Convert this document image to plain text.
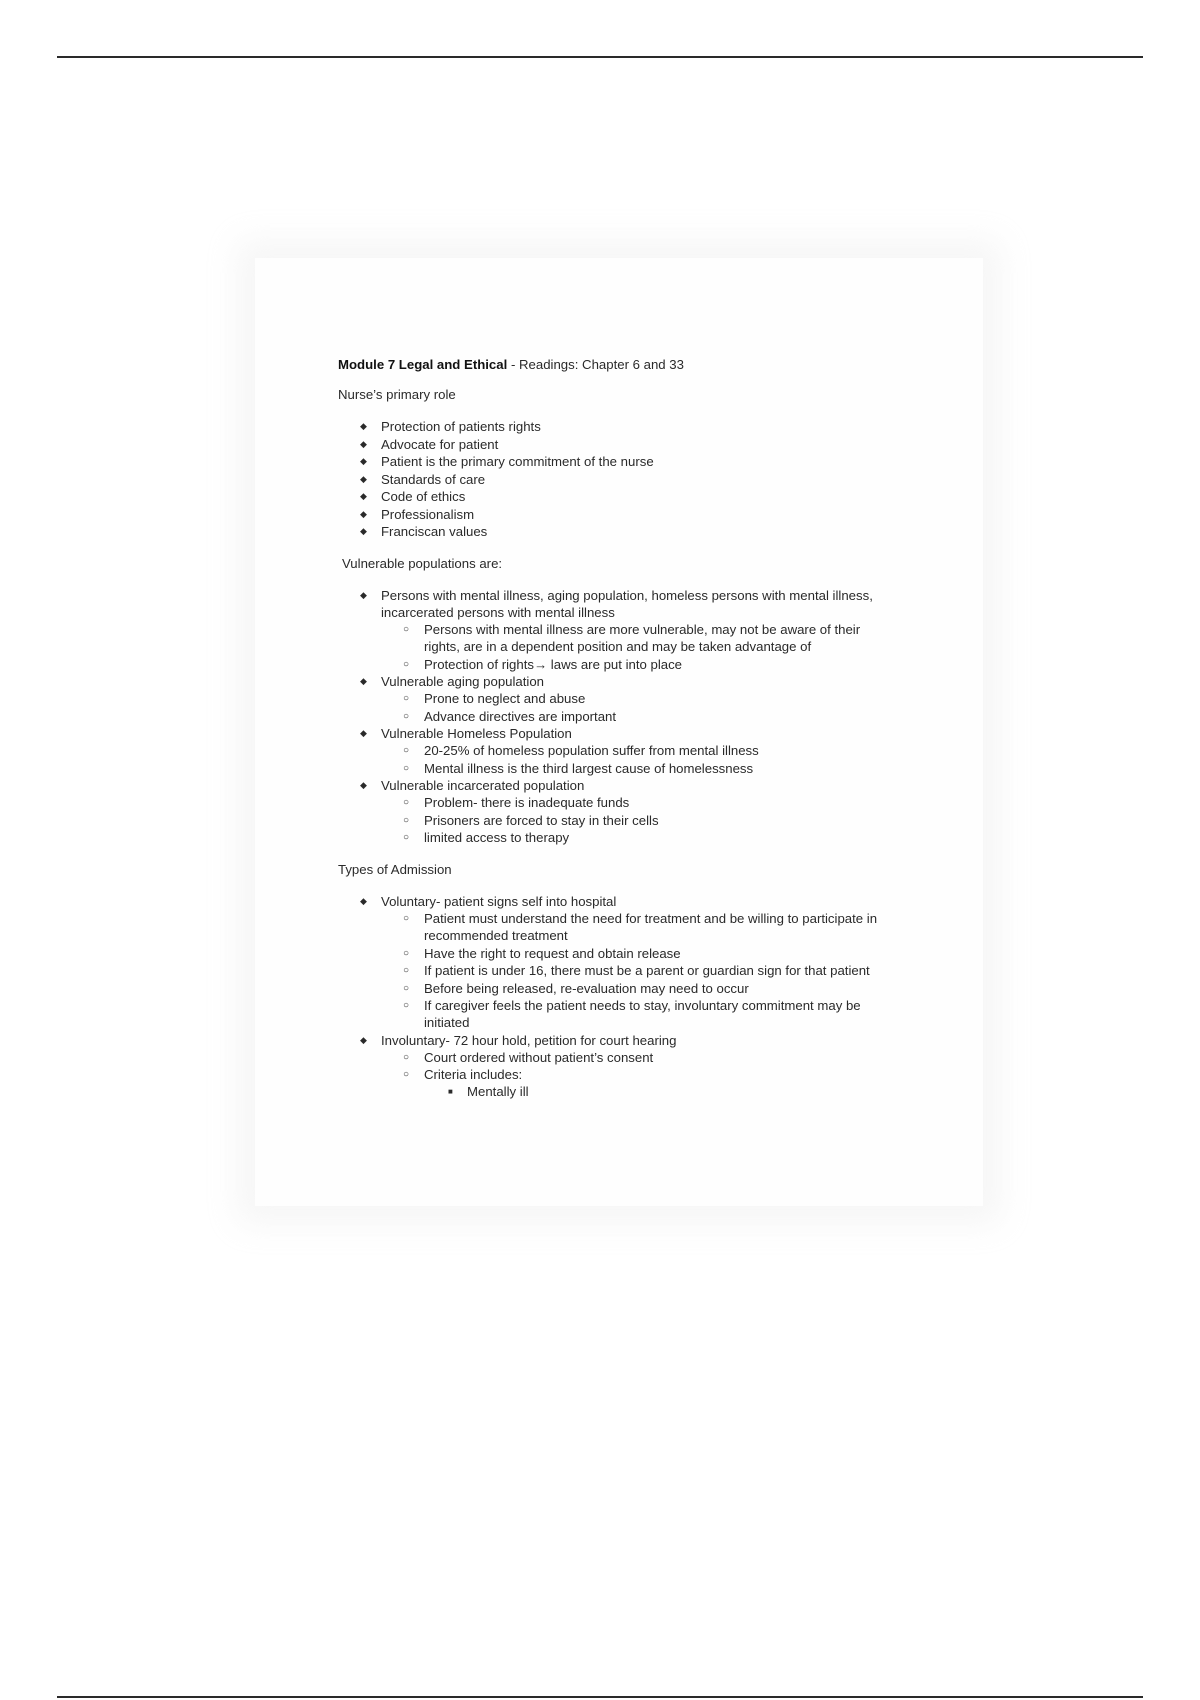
Module 7 Legal and Ethical - Readings: Chapter 6 and 33

Nurse’s primary role

◆ Protection of patients rights
◆ Advocate for patient
◆ Patient is the primary commitment of the nurse
◆ Standards of care
◆ Code of ethics
◆ Professionalism
◆ Franciscan values

Vulnerable populations are:

◆ Persons with mental illness, aging population, homeless persons with mental illness, incarcerated persons with mental illness
○ Persons with mental illness are more vulnerable, may not be aware of their rights, are in a dependent position and may be taken advantage of
○ Protection of rights→ laws are put into place
◆ Vulnerable aging population
○ Prone to neglect and abuse
○ Advance directives are important
◆ Vulnerable Homeless Population
○ 20-25% of homeless population suffer from mental illness
○ Mental illness is the third largest cause of homelessness
◆ Vulnerable incarcerated population
○ Problem- there is inadequate funds
○ Prisoners are forced to stay in their cells
○ limited access to therapy

Types of Admission

◆ Voluntary- patient signs self into hospital
○ Patient must understand the need for treatment and be willing to participate in recommended treatment
○ Have the right to request and obtain release
○ If patient is under 16, there must be a parent or guardian sign for that patient
○ Before being released, re-evaluation may need to occur
○ If caregiver feels the patient needs to stay, involuntary commitment may be initiated
◆ Involuntary- 72 hour hold, petition for court hearing
○ Court ordered without patient’s consent
○ Criteria includes:
■ Mentally ill
